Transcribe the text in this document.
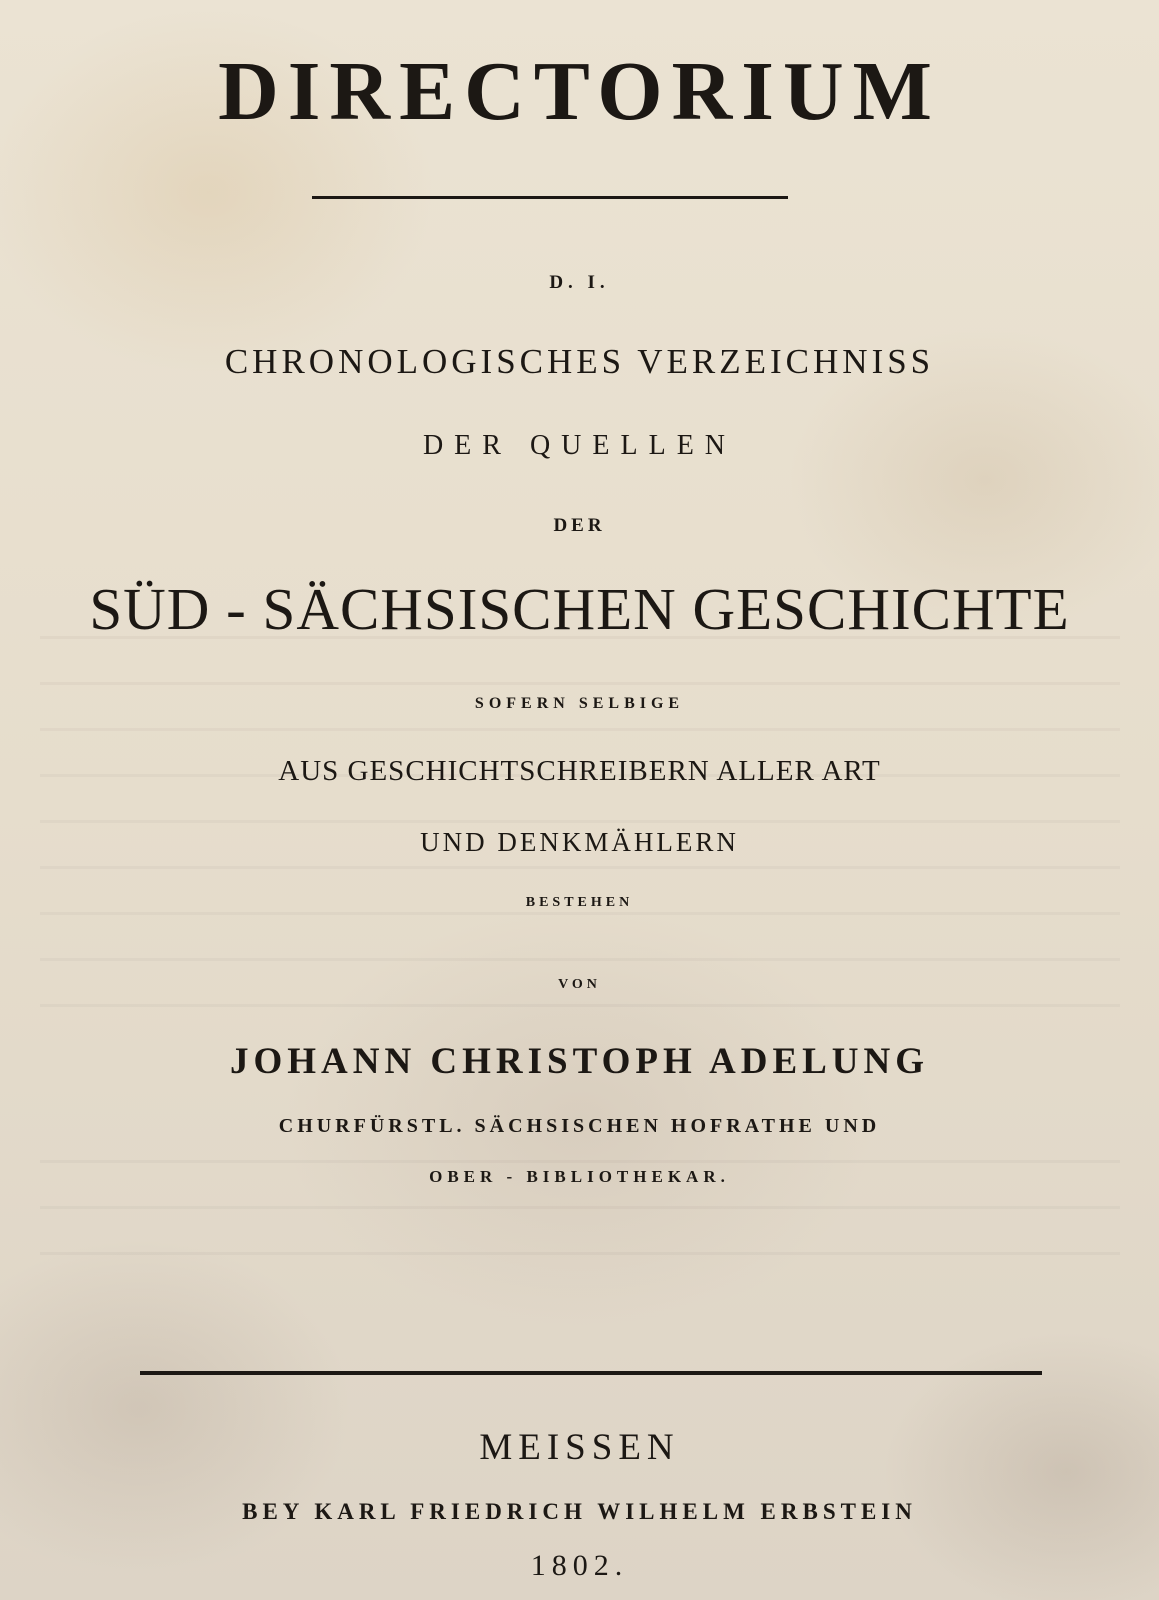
DIRECTORIUM
D. I.
CHRONOLOGISCHES VERZEICHNISS
DER QUELLEN
DER
SÜD - SÄCHSISCHEN GESCHICHTE
SOFERN SELBIGE
AUS GESCHICHTSCHREIBERN ALLER ART
UND DENKMÄHLERN
BESTEHEN
VON
JOHANN CHRISTOPH ADELUNG
CHURFÜRSTL. SÄCHSISCHEN HOFRATHE UND
OBER - BIBLIOTHEKAR.
MEISSEN
BEY KARL FRIEDRICH WILHELM ERBSTEIN
1802.
